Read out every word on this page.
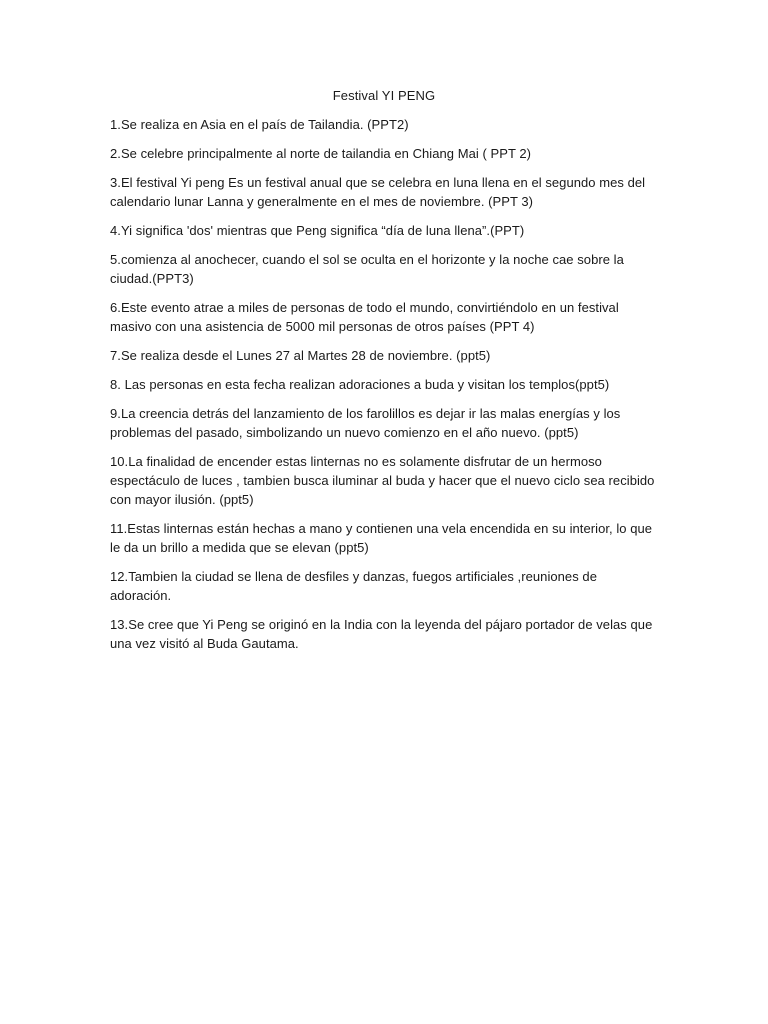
Festival YI PENG
1.Se realiza en Asia en el país de Tailandia. (PPT2)
2.Se celebre principalmente al norte de tailandia en Chiang Mai ( PPT 2)
3.El festival Yi peng Es un festival anual que se celebra en luna llena en el segundo mes del calendario lunar Lanna y generalmente en el mes de noviembre. (PPT 3)
4.Yi significa 'dos' mientras que Peng significa “día de luna llena”.(PPT)
5.comienza al anochecer, cuando el sol se oculta en el horizonte y la noche cae sobre la ciudad.(PPT3)
6.Este evento atrae a miles de personas de todo el mundo, convirtiéndolo en un festival masivo con una asistencia de 5000 mil personas de otros países (PPT 4)
7.Se realiza desde el Lunes 27 al Martes 28 de noviembre. (ppt5)
8. Las personas en esta fecha realizan adoraciones a buda y visitan los templos(ppt5)
9.La creencia detrás del lanzamiento de los farolillos es dejar ir las malas energías y los problemas del pasado, simbolizando un nuevo comienzo en el año nuevo. (ppt5)
10.La finalidad de encender estas linternas no es solamente disfrutar de un hermoso espectáculo de luces , tambien busca iluminar al buda y hacer que el nuevo ciclo sea recibido con mayor ilusión. (ppt5)
11.Estas linternas están hechas a mano y contienen una vela encendida en su interior, lo que le da un brillo a medida que se elevan (ppt5)
12.Tambien la ciudad se llena de desfiles y danzas, fuegos artificiales ,reuniones de adoración.
13.Se cree que Yi Peng se originó en la India con la leyenda del pájaro portador de velas que una vez visitó al Buda Gautama.
